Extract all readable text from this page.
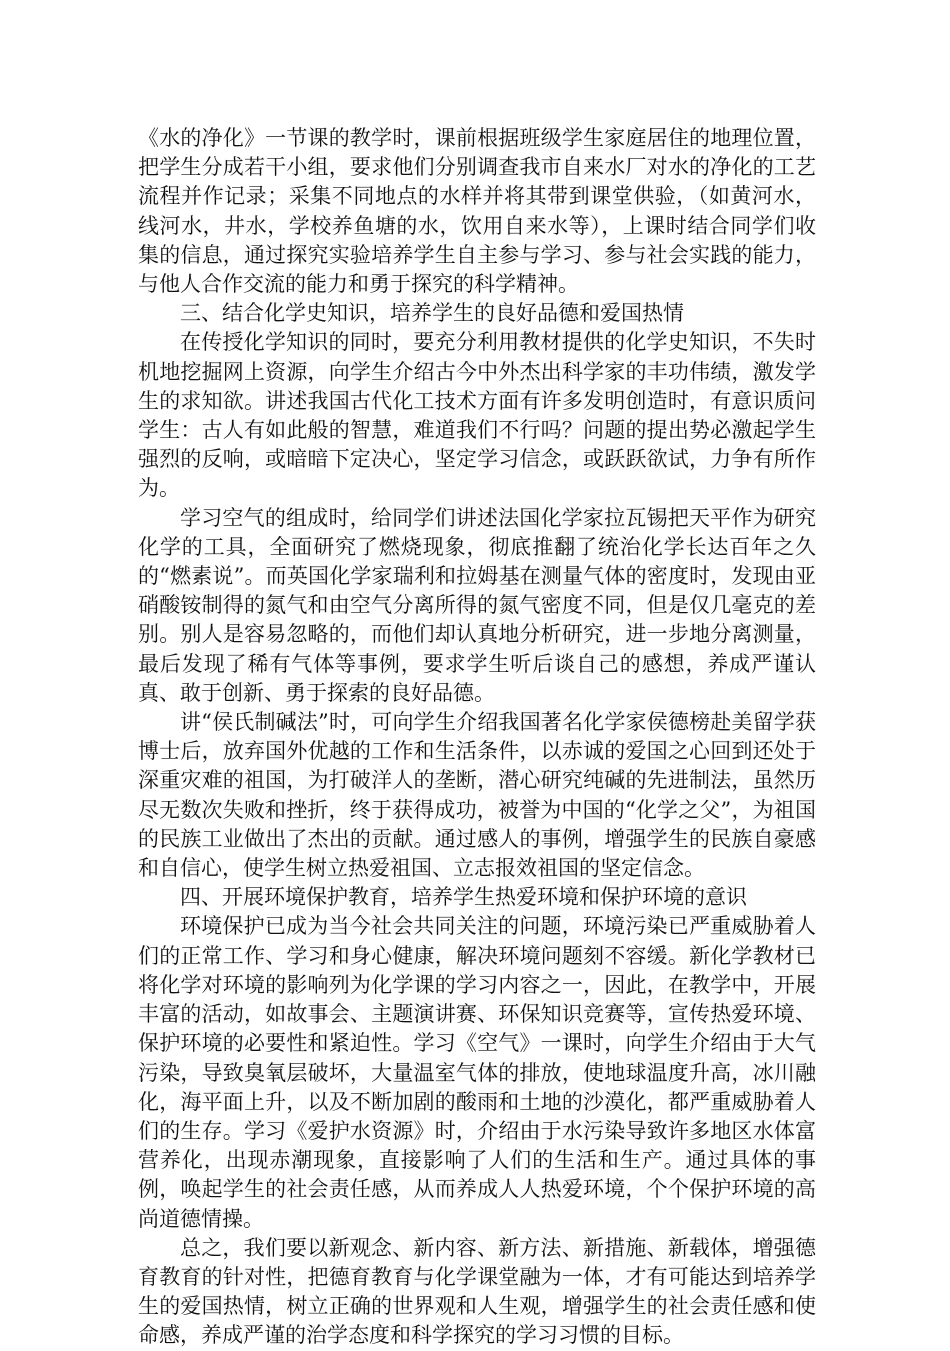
《水的净化》一节课的教学时，课前根据班级学生家庭居住的地理位置，把学生分成若干小组，要求他们分别调查我市自来水厂对水的净化的工艺流程并作记录；采集不同地点的水样并将其带到课堂供验，（如黄河水，线河水，井水，学校养鱼塘的水，饮用自来水等），上课时结合同学们收集的信息，通过探究实验培养学生自主参与学习、参与社会实践的能力，与他人合作交流的能力和勇于探究的科学精神。

三、结合化学史知识，培养学生的良好品德和爱国热情

在传授化学知识的同时，要充分利用教材提供的化学史知识，不失时机地挖掘网上资源，向学生介绍古今中外杰出科学家的丰功伟绩，激发学生的求知欲。讲述我国古代化工技术方面有许多发明创造时，有意识质问学生：古人有如此般的智慧，难道我们不行吗？问题的提出势必激起学生强烈的反响，或暗暗下定决心，坚定学习信念，或跃跃欲试，力争有所作为。

学习空气的组成时，给同学们讲述法国化学家拉瓦锡把天平作为研究化学的工具，全面研究了燃烧现象，彻底推翻了统治化学长达百年之久的“燃素说”。而英国化学家瑞利和拉姆基在测量气体的密度时，发现由亚硝酸铵制得的氮气和由空气分离所得的氮气密度不同，但是仅几毫克的差别。别人是容易忽略的，而他们却认真地分析研究，进一步地分离测量，最后发现了稀有气体等事例，要求学生听后谈自己的感想，养成严谨认真、敢于创新、勇于探索的良好品德。

讲“侯氏制碱法”时，可向学生介绍我国著名化学家侯德榜赴美留学获博士后，放弃国外优越的工作和生活条件，以赤诚的爱国之心回到还处于深重灾难的祖国，为打破洋人的垄断，潜心研究纯碱的先进制法，虽然历尽无数次失败和挫折，终于获得成功，被誉为中国的“化学之父”，为祖国的民族工业做出了杰出的贡献。通过感人的事例，增强学生的民族自豪感和自信心，使学生树立热爱祖国、立志报效祖国的坚定信念。

四、开展环境保护教育，培养学生热爱环境和保护环境的意识

环境保护已成为当今社会共同关注的问题，环境污染已严重威胁着人们的正常工作、学习和身心健康，解决环境问题刻不容缓。新化学教材已将化学对环境的影响列为化学课的学习内容之一，因此，在教学中，开展丰富的活动，如故事会、主题演讲赛、环保知识竞赛等，宣传热爱环境、保护环境的必要性和紧迫性。学习《空气》一课时，向学生介绍由于大气污染，导致臭氧层破坏，大量温室气体的排放，使地球温度升高，冰川融化，海平面上升，以及不断加剧的酸雨和土地的沙漠化，都严重威胁着人们的生存。学习《爱护水资源》时，介绍由于水污染导致许多地区水体富营养化，出现赤潮现象，直接影响了人们的生活和生产。通过具体的事例，唤起学生的社会责任感，从而养成人人热爱环境，个个保护环境的高尚道德情操。

总之，我们要以新观念、新内容、新方法、新措施、新载体，增强德育教育的针对性，把德育教育与化学课堂融为一体，才有可能达到培养学生的爱国热情，树立正确的世界观和人生观，增强学生的社会责任感和使命感，养成严谨的治学态度和科学探究的学习习惯的目标。
